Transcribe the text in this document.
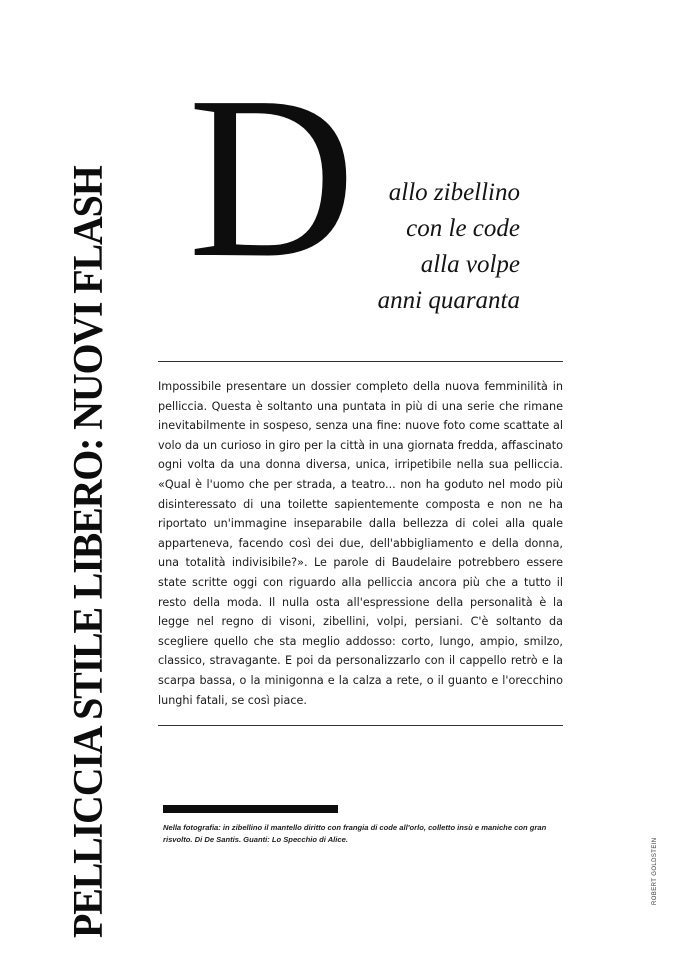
PELLICCIA STILE LIBERO: NUOVI FLASH D	allo zibellino
con le code
alla volpe
anni quaranta

Impossibile presentare un dossier completo della nuova femminilità in pelliccia. Questa è soltanto una puntata in più di una serie che rimane inevitabilmente in sospeso, senza una fine: nuove foto come scattate al volo da un curioso in giro per la città in una giornata fredda, affascinato ogni volta da una donna diversa, unica, irripetibile nella sua pelliccia. «Qual è l'uomo che per strada, a teatro... non ha goduto nel modo più disinteressato di una toilette sapientemente composta e non ne ha riportato un'immagine inseparabile dalla bellezza di colei alla quale apparteneva, facendo così dei due, dell'abbigliamento e della donna, una totalità indivisibile?». Le parole di Baudelaire potrebbero essere state scritte oggi con riguardo alla pelliccia ancora più che a tutto il resto della moda. Il nulla osta all'espressione della personalità è la legge nel regno di visoni, zibellini, volpi, persiani. C'è soltanto da scegliere quello che sta meglio addosso: corto, lungo, ampio, smilzo, classico, stravagante. E poi da personalizzarlo con il cappello retrò e la scarpa bassa, o la minigonna e la calza a rete, o il guanto e l'orecchino lunghi fatali, se così piace.

Nella fotografia: in zibellino il mantello diritto con frangia di code all'orlo, colletto insù e maniche con gran risvolto. Di De Santis. Guanti: Lo Specchio di Alice.	ROBERT GOLDSTEIN
